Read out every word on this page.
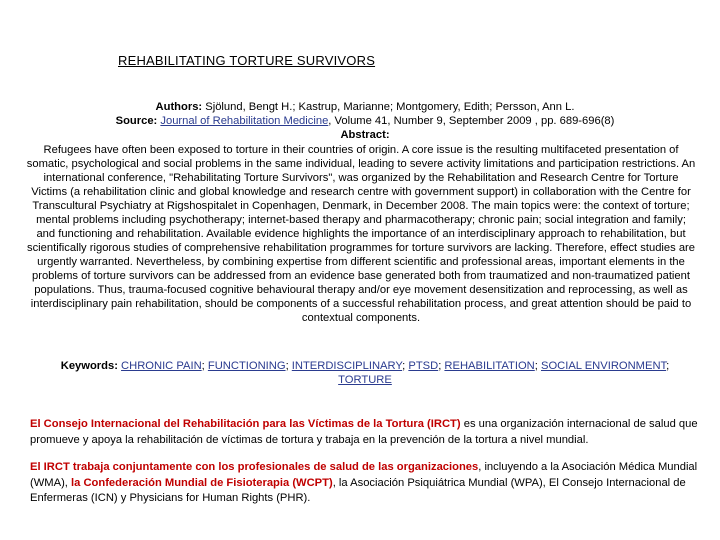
REHABILITATING TORTURE SURVIVORS
Authors: Sjölund, Bengt H.; Kastrup, Marianne; Montgomery, Edith; Persson, Ann L.
Source: Journal of Rehabilitation Medicine, Volume 41, Number 9, September 2009 , pp. 689-696(8)
Abstract:
Refugees have often been exposed to torture in their countries of origin. A core issue is the resulting multifaceted presentation of somatic, psychological and social problems in the same individual, leading to severe activity limitations and participation restrictions. An international conference, "Rehabilitating Torture Survivors", was organized by the Rehabilitation and Research Centre for Torture Victims (a rehabilitation clinic and global knowledge and research centre with government support) in collaboration with the Centre for Transcultural Psychiatry at Rigshospitalet in Copenhagen, Denmark, in December 2008. The main topics were: the context of torture; mental problems including psychotherapy; internet-based therapy and pharmacotherapy; chronic pain; social integration and family; and functioning and rehabilitation. Available evidence highlights the importance of an interdisciplinary approach to rehabilitation, but scientifically rigorous studies of comprehensive rehabilitation programmes for torture survivors are lacking. Therefore, effect studies are urgently warranted. Nevertheless, by combining expertise from different scientific and professional areas, important elements in the problems of torture survivors can be addressed from an evidence base generated both from traumatized and non-traumatized patient populations. Thus, trauma-focused cognitive behavioural therapy and/or eye movement desensitization and reprocessing, as well as interdisciplinary pain rehabilitation, should be components of a successful rehabilitation process, and great attention should be paid to contextual components.
Keywords: CHRONIC PAIN; FUNCTIONING; INTERDISCIPLINARY; PTSD; REHABILITATION; SOCIAL ENVIRONMENT; TORTURE
El Consejo Internacional del Rehabilitación para las Víctimas de la Tortura (IRCT) es una organización internacional de salud que promueve y apoya la rehabilitación de víctimas de tortura y trabaja en la prevención de la tortura a nivel mundial.
El IRCT trabaja conjuntamente con los profesionales de salud de las organizaciones, incluyendo a la Asociación Médica Mundial (WMA), la Confederación Mundial de Fisioterapia (WCPT), la Asociación Psiquiátrica Mundial (WPA), El Consejo Internacional de Enfermeras (ICN) y Physicians for Human Rights (PHR).
